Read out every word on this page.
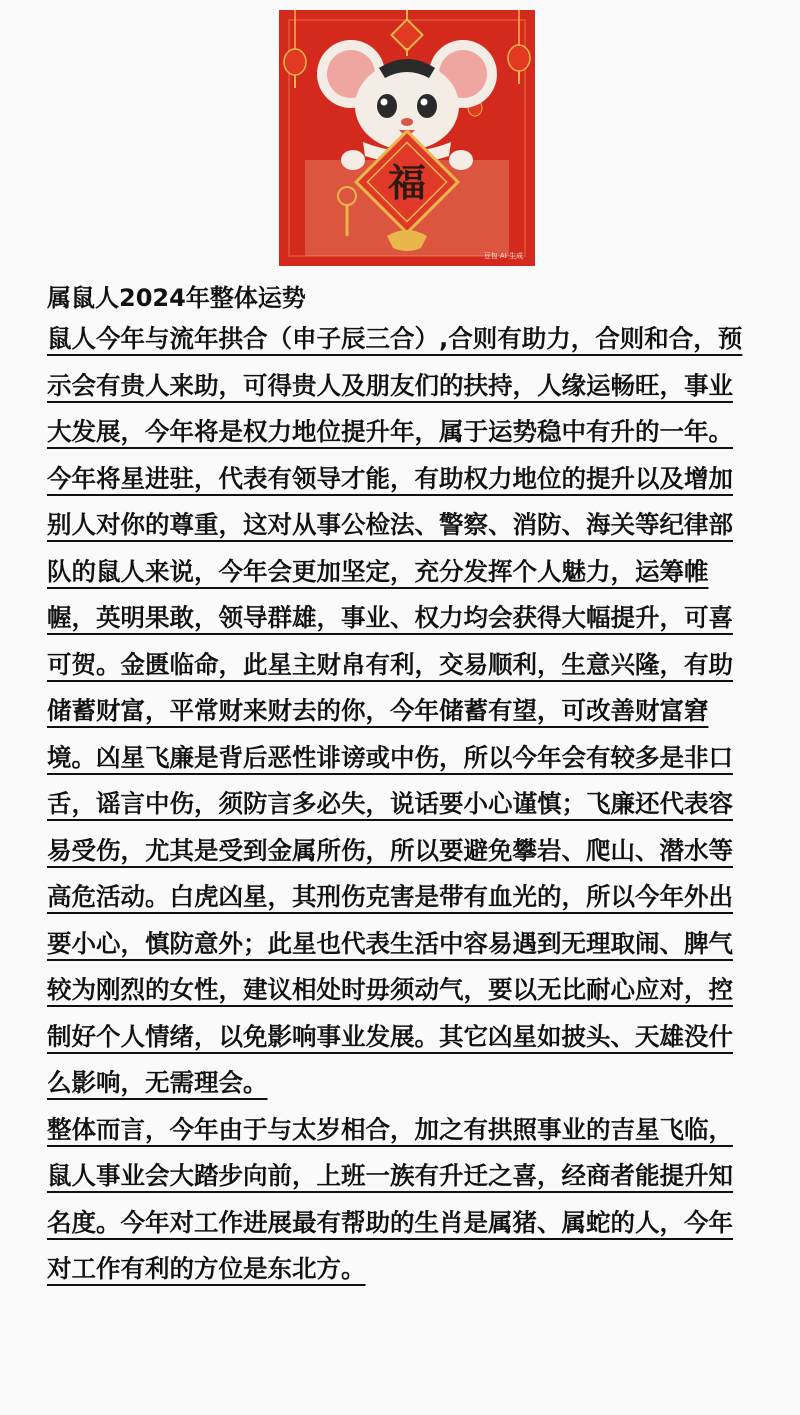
福
豆包 AI 生成
属鼠人2024年整体运势

鼠人今年与流年拱合（申子辰三合）,合则有助力，合则和合，预示会有贵人来助，可得贵人及朋友们的扶持，人缘运畅旺，事业大发展，今年将是权力地位提升年，属于运势稳中有升的一年。

今年将星进驻，代表有领导才能，有助权力地位的提升以及增加别人对你的尊重，这对从事公检法、警察、消防、海关等纪律部队的鼠人来说，今年会更加坚定，充分发挥个人魅力，运筹帷幄，英明果敢，领导群雄，事业、权力均会获得大幅提升，可喜可贺。金匮临命，此星主财帛有利，交易顺利，生意兴隆，有助储蓄财富，平常财来财去的你，今年储蓄有望，可改善财富窘境。凶星飞廉是背后恶性诽谤或中伤，所以今年会有较多是非口舌，谣言中伤，须防言多必失，说话要小心谨慎；飞廉还代表容易受伤，尤其是受到金属所伤，所以要避免攀岩、爬山、潜水等高危活动。白虎凶星，其刑伤克害是带有血光的，所以今年外出要小心，慎防意外；此星也代表生活中容易遇到无理取闹、脾气较为刚烈的女性，建议相处时毋须动气，要以无比耐心应对，控制好个人情绪，以免影响事业发展。其它凶星如披头、天雄没什么影响，无需理会。

整体而言，今年由于与太岁相合，加之有拱照事业的吉星飞临，鼠人事业会大踏步向前，上班一族有升迁之喜，经商者能提升知名度。今年对工作进展最有帮助的生肖是属猪、属蛇的人，今年对工作有利的方位是东北方。
